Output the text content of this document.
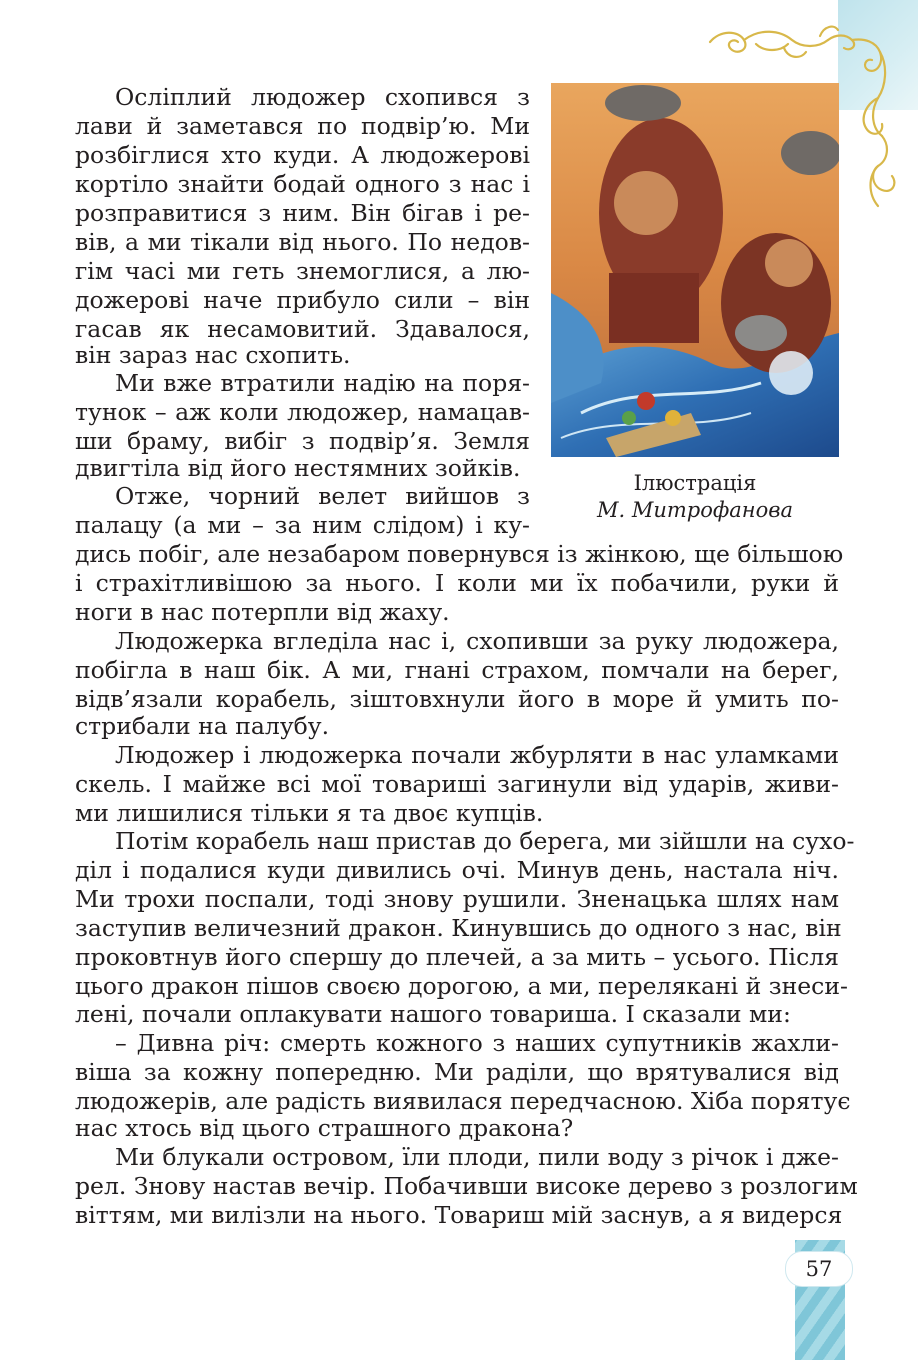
Ілюстрація
М. Митрофанова
Осліплий людожер схопився з
лави й заметався по подвір’ю. Ми
розбіглися хто куди. А людожерові
кортіло знайти бодай одного з нас і
розправитися з ним. Він бігав і ре-
вів, а ми тікали від нього. По недов-
гім часі ми геть знемоглися, а лю-
дожерові наче прибуло сили – він
гасав як несамовитий. Здавалося,
він зараз нас схопить.
Ми вже втратили надію на поря-
тунок – аж коли людожер, намацав-
ши браму, вибіг з подвір’я. Земля
двигтіла від його нестямних зойків.
Отже, чорний велет вийшов з
палацу (а ми – за ним слідом) і ку-
дись побіг, але незабаром повернувся із жінкою, ще більшою
і страхітливішою за нього. І коли ми їх побачили, руки й
ноги в нас потерпли від жаху.
Людожерка вгледіла нас і, схопивши за руку людожера,
побігла в наш бік. А ми, гнані страхом, помчали на берег,
відв’язали корабель, зіштовхнули його в море й умить по-
стрибали на палубу.
Людожер і людожерка почали жбурляти в нас уламками
скель. І майже всі мої товариші загинули від ударів, живи-
ми лишилися тільки я та двоє купців.
Потім корабель наш пристав до берега, ми зійшли на сухо-
діл і подалися куди дивились очі. Минув день, настала ніч.
Ми трохи поспали, тоді знову рушили. Зненацька шлях нам
заступив величезний дракон. Кинувшись до одного з нас, він
проковтнув його спершу до плечей, а за мить – усього. Після
цього дракон пішов своєю дорогою, а ми, переляканi й знеси-
лені, почали оплакувати нашого товариша. І сказали ми:
– Дивна річ: смерть кожного з наших супутників жахли-
віша за кожну попередню. Ми раділи, що врятувалися від
людожерів, але радість виявилася передчасною. Хіба порятує
нас хтось від цього страшного дракона?
Ми блукали островом, їли плоди, пили воду з річок і дже-
рел. Знову настав вечір. Побачивши високе дерево з розлогим
віттям, ми вилізли на нього. Товариш мій заснув, а я видерся
57
